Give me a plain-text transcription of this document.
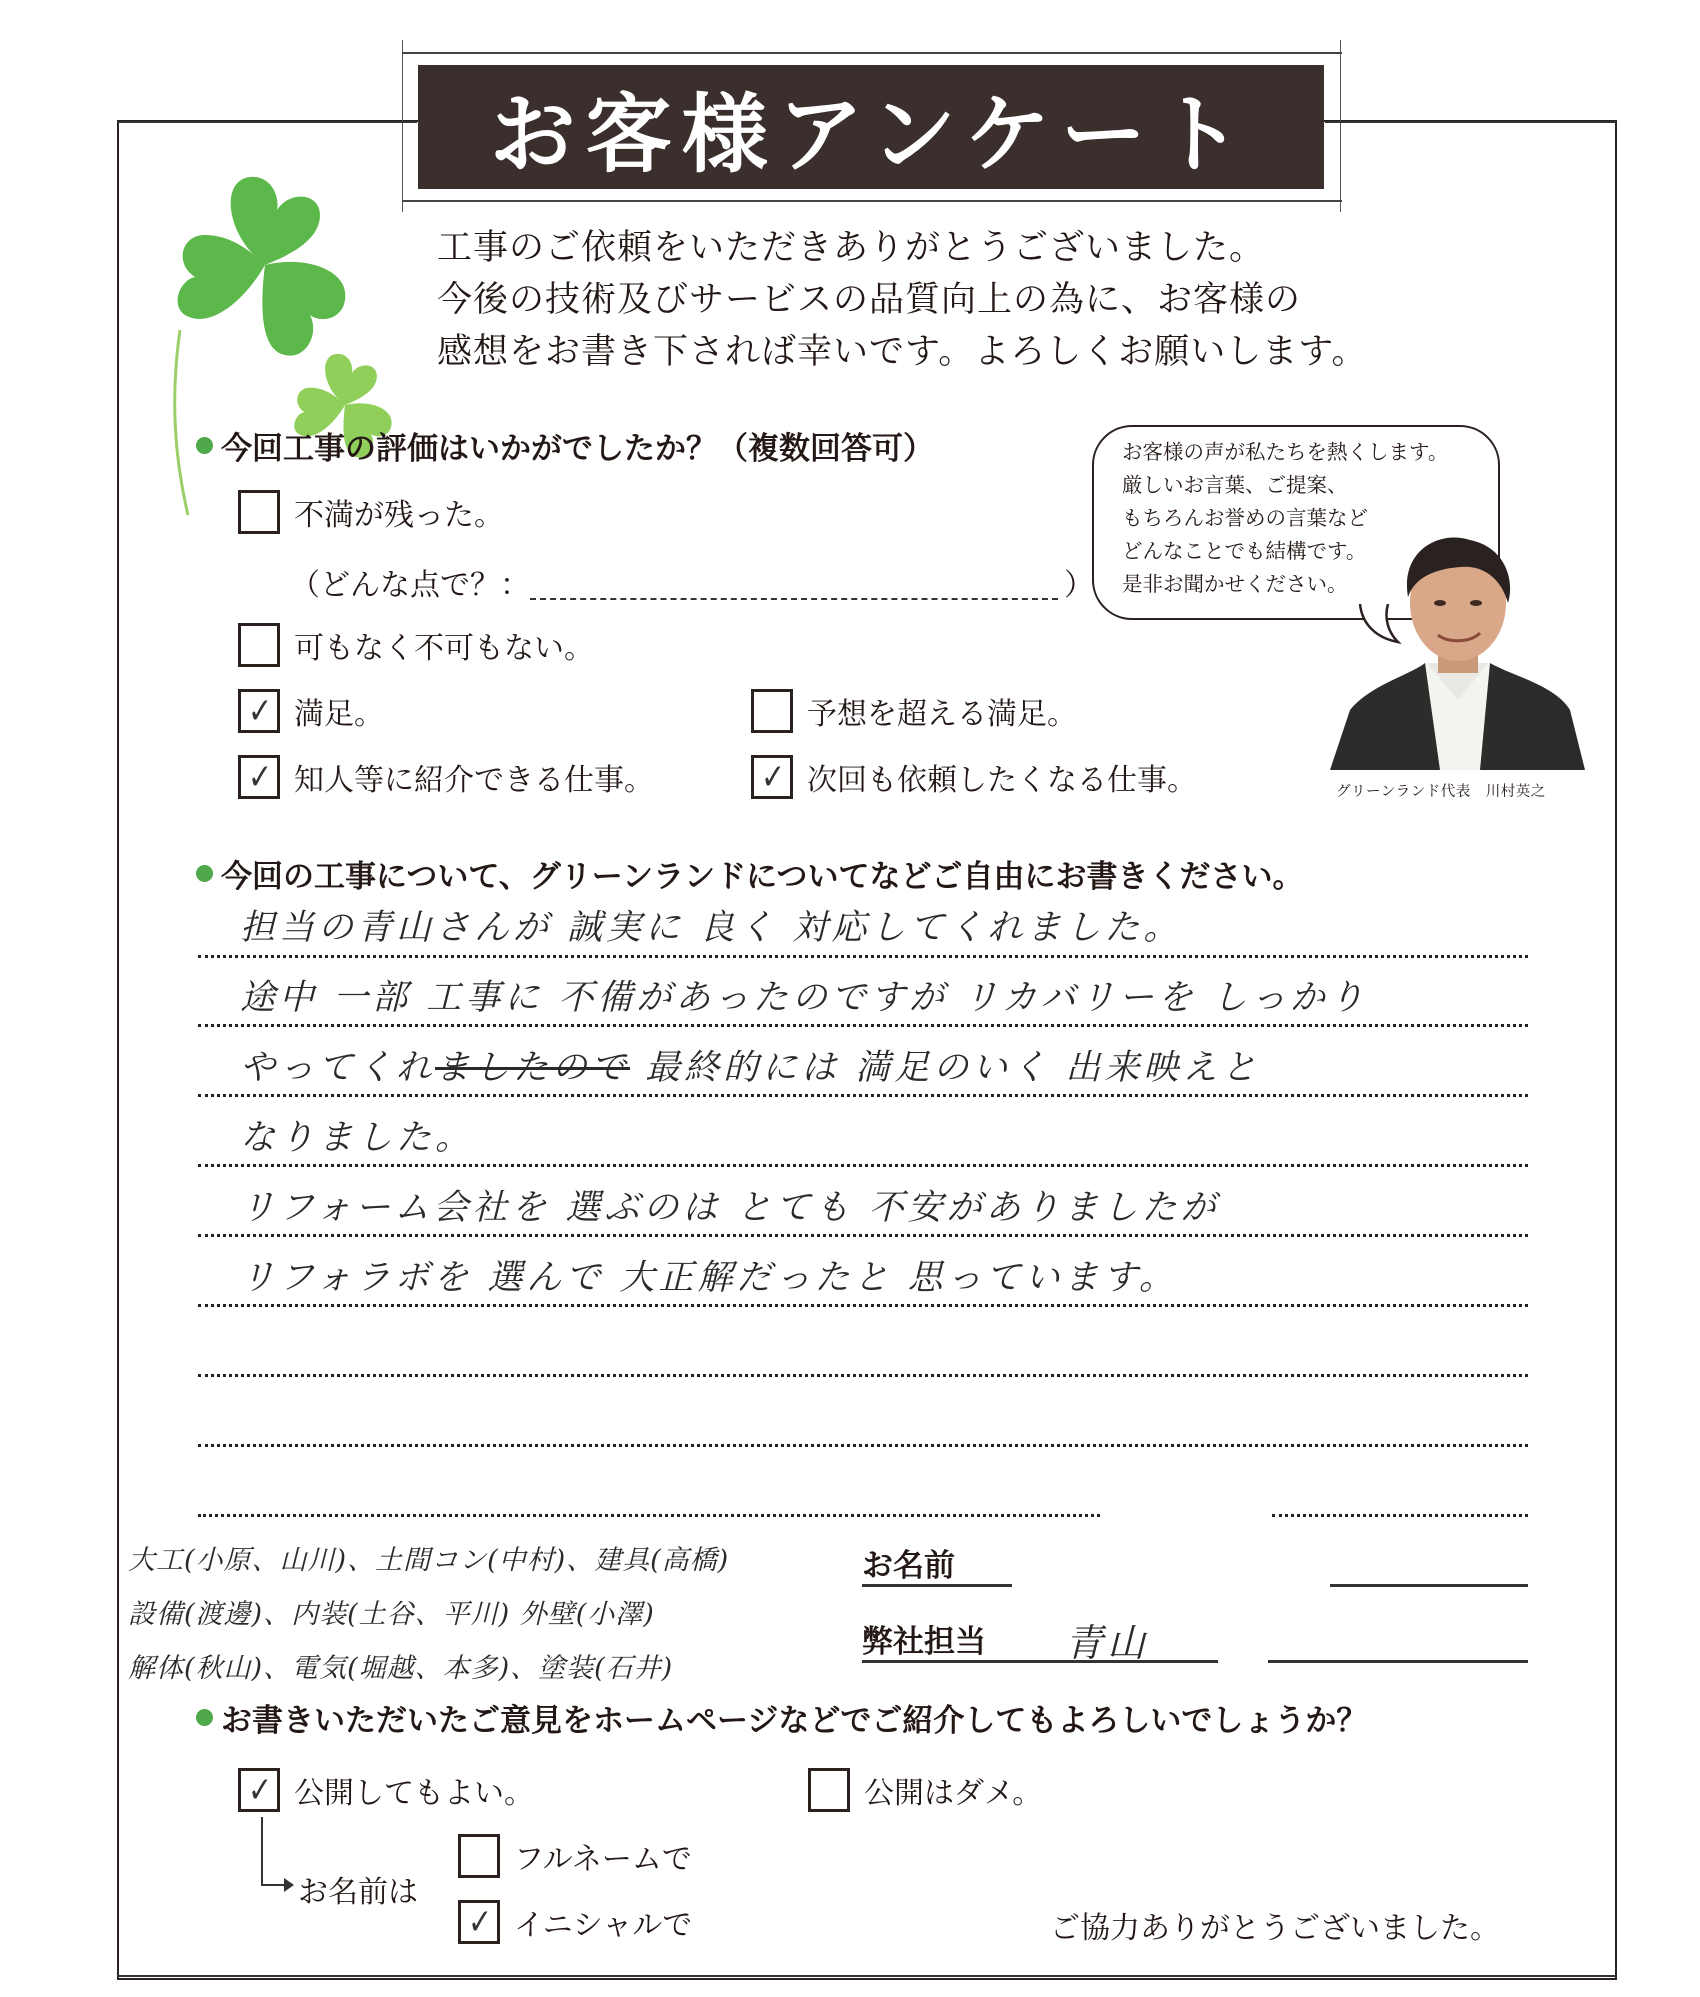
お客様アンケート
工事のご依頼をいただきありがとうございました。
今後の技術及びサービスの品質向上の為に、お客様の
感想をお書き下されば幸いです。よろしくお願いします。
お客様の声が私たちを熱くします。
厳しいお言葉、ご提案、
もちろんお誉めの言葉など
どんなことでも結構です。
是非お聞かせください。
グリーンランド代表　川村英之
今回工事の評価はいかがでしたか？（複数回答可）
不満が残った。
（どんな点で？：	）
可もなく不可もない。
✓ 満足。	予想を超える満足。
✓ 知人等に紹介できる仕事。	✓ 次回も依頼したくなる仕事。
今回の工事について、グリーンランドについてなどご自由にお書きください。
担当の青山さんが 誠実に 良く 対応してくれました。
途中 一部 工事に 不備があったのですが リカバリーを しっかり
やってくれましたので 最終的には 満足のいく 出来映えと
なりました。
リフォーム会社を 選ぶのは とても 不安がありましたが
リフォラボを 選んで 大正解だったと 思っています。
大工(小原、山川)、土間コン(中村)、建具(高橋)
設備(渡邊)、内装(土谷、平川) 外壁(小澤)
解体(秋山)、電気(堀越、本多)、塗装(石井)
お名前
弊社担当 青山
お書きいただいたご意見をホームページなどでご紹介してもよろしいでしょうか？
✓ 公開してもよい。	公開はダメ。
お名前は
フルネームで
✓ イニシャルで	ご協力ありがとうございました。
